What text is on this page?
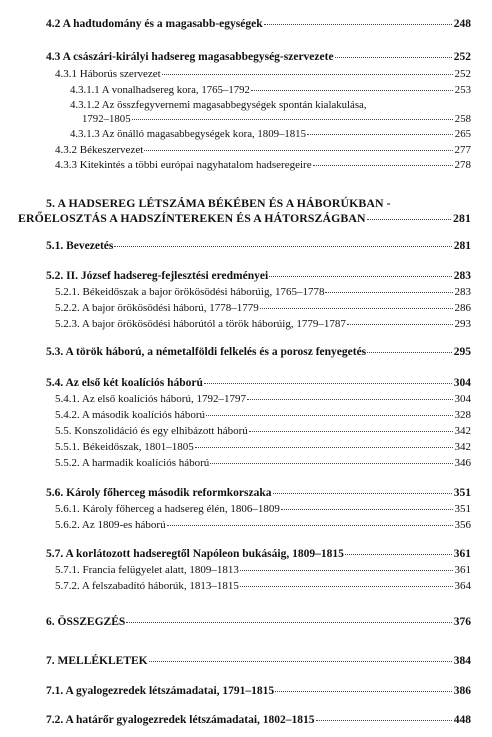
4.2 A hadtudomány és a magasabb-egységek	248
4.3 A császári-királyi hadsereg magasabbegység-szervezete	252
4.3.1 Háborús szervezet	252
4.3.1.1 A vonalhadsereg kora, 1765–1792	253
4.3.1.2 Az összfegyvernemi magasabbegységek spontán kialakulása,
1792–1805	258
4.3.1.3 Az önálló magasabbegységek kora, 1809–1815	265
4.3.2 Békeszervezet	277
4.3.3 Kitekintés a többi európai nagyhatalom hadseregeire	278
5. A HADSEREG LÉTSZÁMA BÉKÉBEN ÉS A HÁBORÚKBAN -
ERŐELOSZTÁS A HADSZÍNTEREKEN ÉS A HÁTORSZÁGBAN	281
5.1. Bevezetés	281
5.2. II. József hadsereg-fejlesztési eredményei	283
5.2.1. Békeidőszak a bajor örökösödési háborúig, 1765–1778	283
5.2.2. A bajor örökösödési háború, 1778–1779	286
5.2.3. A bajor örökösödési háborútól a török háborúig, 1779–1787	293
5.3. A török háború, a németalföldi felkelés és a porosz fenyegetés	295
5.4. Az első két koalíciós háború	304
5.4.1. Az első koalíciós háború, 1792–1797	304
5.4.2. A második koalíciós háború	328
5.5. Konszolidáció és egy elhibázott háború	342
5.5.1. Békeidőszak, 1801–1805	342
5.5.2. A harmadik koalíciós háború	346
5.6. Károly főherceg második reformkorszaka	351
5.6.1. Károly főherceg a hadsereg élén, 1806–1809	351
5.6.2. Az 1809-es háború	356
5.7. A korlátozott hadseregtől Napóleon bukásáig, 1809–1815	361
5.7.1. Francia felügyelet alatt, 1809–1813	361
5.7.2. A felszabadító háborúk, 1813–1815	364
6. ÖSSZEGZÉS	376
7. MELLÉKLETEK	384
7.1. A gyalogezredek létszámadatai, 1791–1815	386
7.2. A határőr gyalogezredek létszámadatai, 1802–1815	448
